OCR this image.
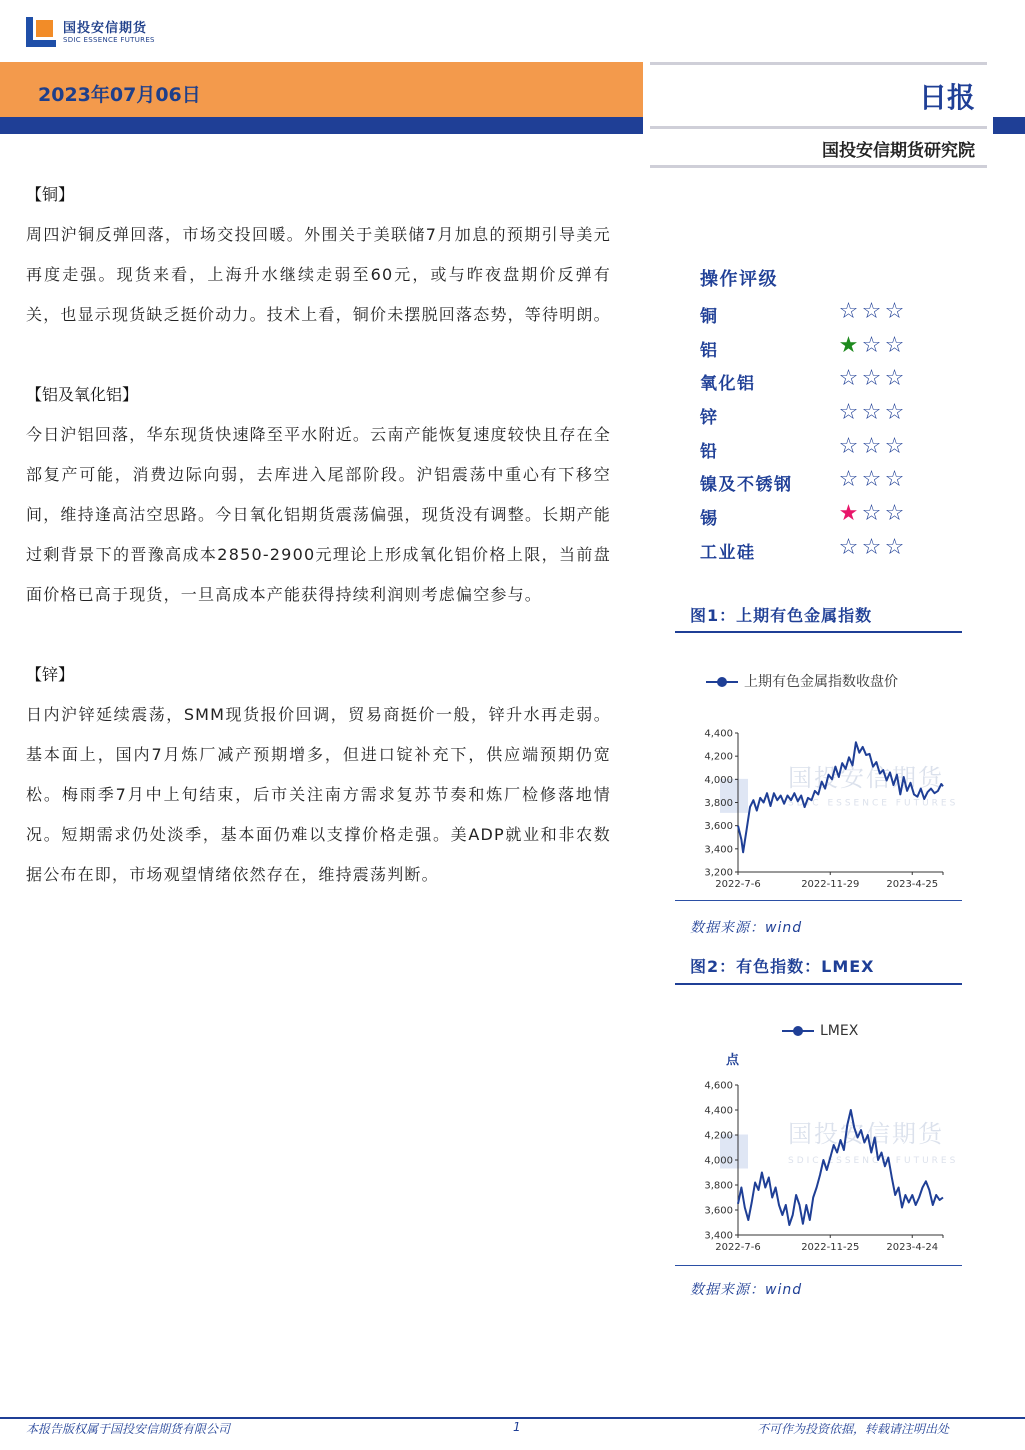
国投安信期货
SDIC ESSENCE FUTURES
2023年07月06日	日报
国投安信期货研究院
【铜】
周四沪铜反弹回落，市场交投回暖。外围关于美联储7月加息的预期引导美元再度走强。现货来看，上海升水继续走弱至60元，或与昨夜盘期价反弹有关，也显示现货缺乏挺价动力。技术上看，铜价未摆脱回落态势，等待明朗。
【铝及氧化铝】
今日沪铝回落，华东现货快速降至平水附近。云南产能恢复速度较快且存在全部复产可能，消费边际向弱，去库进入尾部阶段。沪铝震荡中重心有下移空间，维持逢高沽空思路。今日氧化铝期货震荡偏强，现货没有调整。长期产能过剩背景下的晋豫高成本2850-2900元理论上形成氧化铝价格上限，当前盘面价格已高于现货，一旦高成本产能获得持续利润则考虑偏空参与。
【锌】
日内沪锌延续震荡，SMM现货报价回调，贸易商挺价一般，锌升水再走弱。基本面上，国内7月炼厂减产预期增多，但进口锭补充下，供应端预期仍宽松。梅雨季7月中上旬结束，后市关注南方需求复苏节奏和炼厂检修落地情况。短期需求仍处淡季，基本面仍难以支撑价格走强。美ADP就业和非农数据公布在即，市场观望情绪依然存在，维持震荡判断。
操作评级
铜	☆ ☆ ☆
铝	★ ☆ ☆
氧化铝	☆ ☆ ☆
锌	☆ ☆ ☆
铅	☆ ☆ ☆
镍及不锈钢 ☆ ☆ ☆
锡	★ ☆ ☆
工业硅	☆ ☆ ☆
图1：上期有色金属指数
上期有色金属指数收盘价
国投安信期货
SDIC ESSENCE FUTURES
3,200
3,400
3,600
3,800
4,000
4,200
4,400
2022-7-6	2022-11-29	2023-4-25
数据来源：wind
图2：有色指数：LMEX
LMEX
点
国投安信期货
SDIC ESSENCE FUTURES
3,400
3,600
3,800
4,000
4,200
4,400
4,600
2022-7-6	2022-11-25	2023-4-24
数据来源：wind
本报告版权属于国投安信期货有限公司	1	不可作为投资依据，转载请注明出处
